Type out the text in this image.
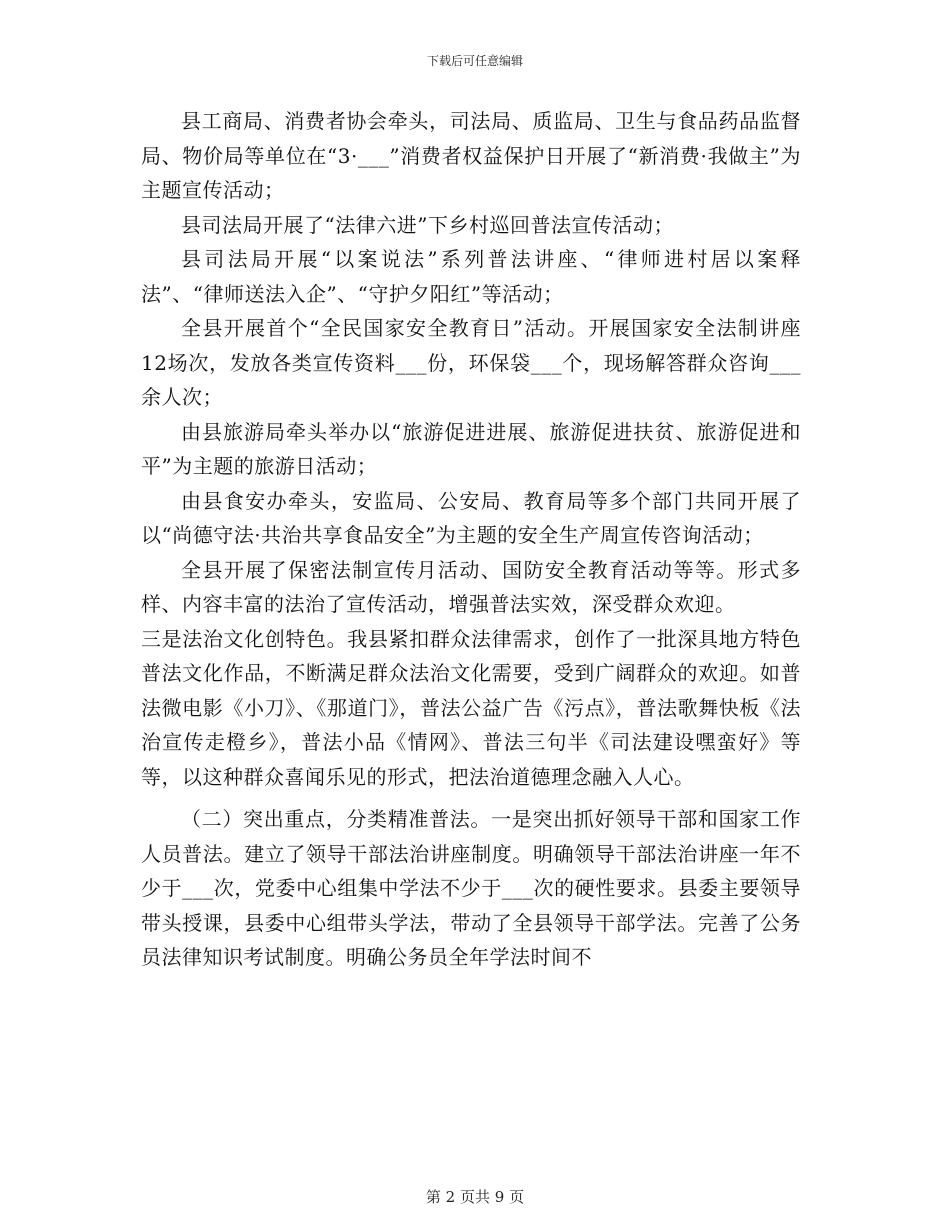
下载后可任意编辑

县工商局、消费者协会牵头，司法局、质监局、卫生与食品药品监督局、物价局等单位在“3·___”消费者权益保护日开展了“新消费·我做主”为主题宣传活动；

县司法局开展了“法律六进”下乡村巡回普法宣传活动；

县司法局开展“以案说法”系列普法讲座、“律师进村居以案释法”、“律师送法入企”、“守护夕阳红”等活动；

全县开展首个“全民国家安全教育日”活动。开展国家安全法制讲座12场次，发放各类宣传资料___份，环保袋___个，现场解答群众咨询___余人次；

由县旅游局牵头举办以“旅游促进进展、旅游促进扶贫、旅游促进和平”为主题的旅游日活动；

由县食安办牵头，安监局、公安局、教育局等多个部门共同开展了以“尚德守法·共治共享食品安全”为主题的安全生产周宣传咨询活动；

全县开展了保密法制宣传月活动、国防安全教育活动等等。形式多样、内容丰富的法治了宣传活动，增强普法实效，深受群众欢迎。

三是法治文化创特色。我县紧扣群众法律需求，创作了一批深具地方特色普法文化作品，不断满足群众法治文化需要，受到广阔群众的欢迎。如普法微电影《小刀》、《那道门》，普法公益广告《污点》，普法歌舞快板《法治宣传走橙乡》，普法小品《情网》、普法三句半《司法建设嘿蛮好》等等，以这种群众喜闻乐见的形式，把法治道德理念融入人心。

（二）突出重点，分类精准普法。一是突出抓好领导干部和国家工作人员普法。建立了领导干部法治讲座制度。明确领导干部法治讲座一年不少于___次，党委中心组集中学法不少于___次的硬性要求。县委主要领导带头授课，县委中心组带头学法，带动了全县领导干部学法。完善了公务员法律知识考试制度。明确公务员全年学法时间不

第 2 页共 9 页
